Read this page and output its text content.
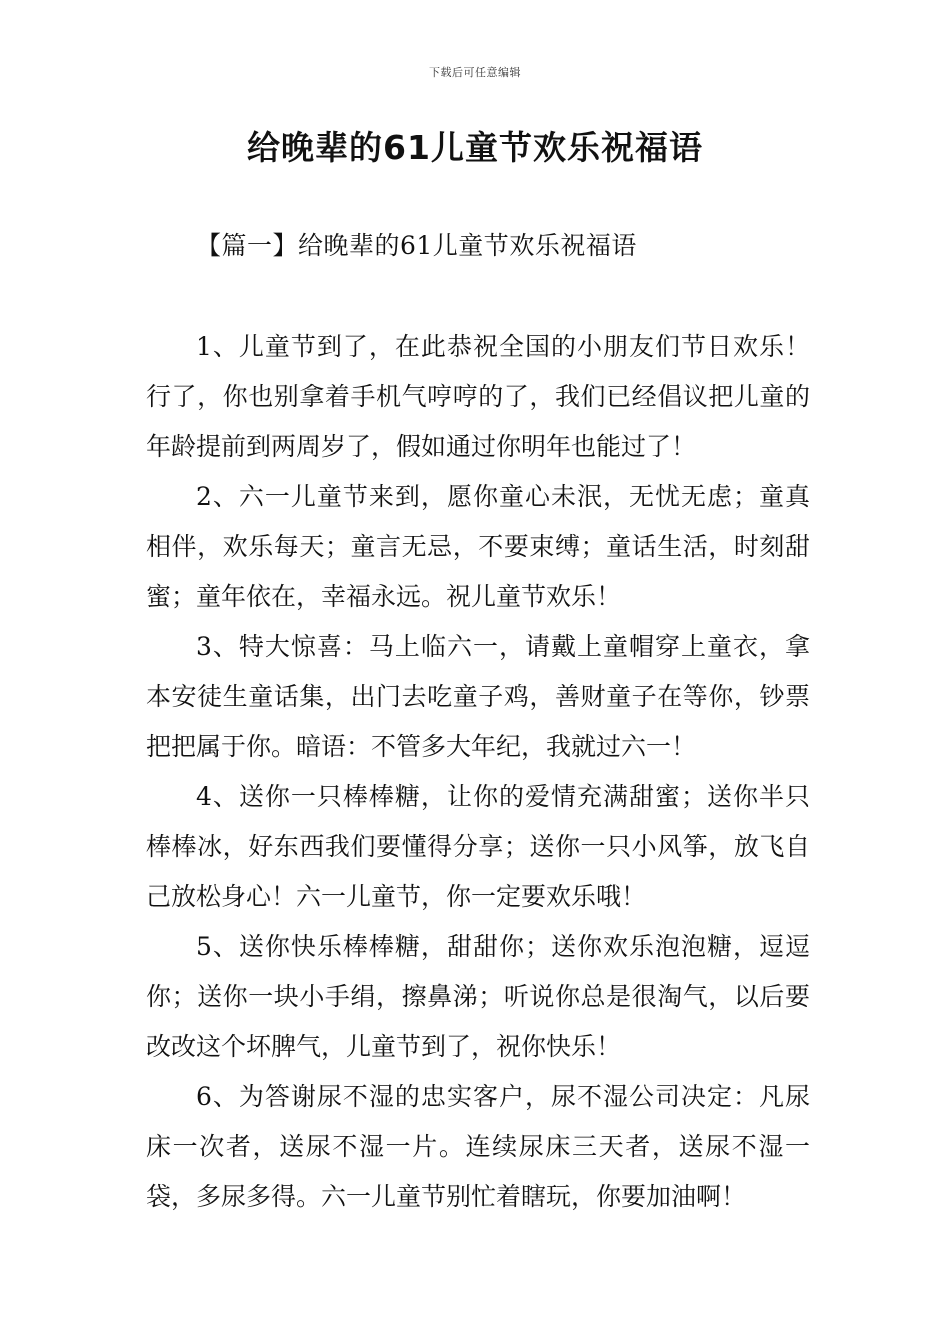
下载后可任意编辑
给晚辈的61儿童节欢乐祝福语
【篇一】给晚辈的61儿童节欢乐祝福语

1、儿童节到了，在此恭祝全国的小朋友们节日欢乐！行了，你也别拿着手机气哼哼的了，我们已经倡议把儿童的年龄提前到两周岁了，假如通过你明年也能过了！

2、六一儿童节来到，愿你童心未泯，无忧无虑；童真相伴，欢乐每天；童言无忌，不要束缚；童话生活，时刻甜蜜；童年依在，幸福永远。祝儿童节欢乐！

3、特大惊喜：马上临六一，请戴上童帽穿上童衣，拿本安徒生童话集，出门去吃童子鸡，善财童子在等你，钞票把把属于你。暗语：不管多大年纪，我就过六一！

4、送你一只棒棒糖，让你的爱情充满甜蜜；送你半只棒棒冰，好东西我们要懂得分享；送你一只小风筝，放飞自己放松身心！六一儿童节，你一定要欢乐哦！

5、送你快乐棒棒糖，甜甜你；送你欢乐泡泡糖，逗逗你；送你一块小手绢，擦鼻涕；听说你总是很淘气，以后要改改这个坏脾气，儿童节到了，祝你快乐！

6、为答谢尿不湿的忠实客户，尿不湿公司决定：凡尿床一次者，送尿不湿一片。连续尿床三天者，送尿不湿一袋，多尿多得。六一儿童节别忙着瞎玩，你要加油啊！
